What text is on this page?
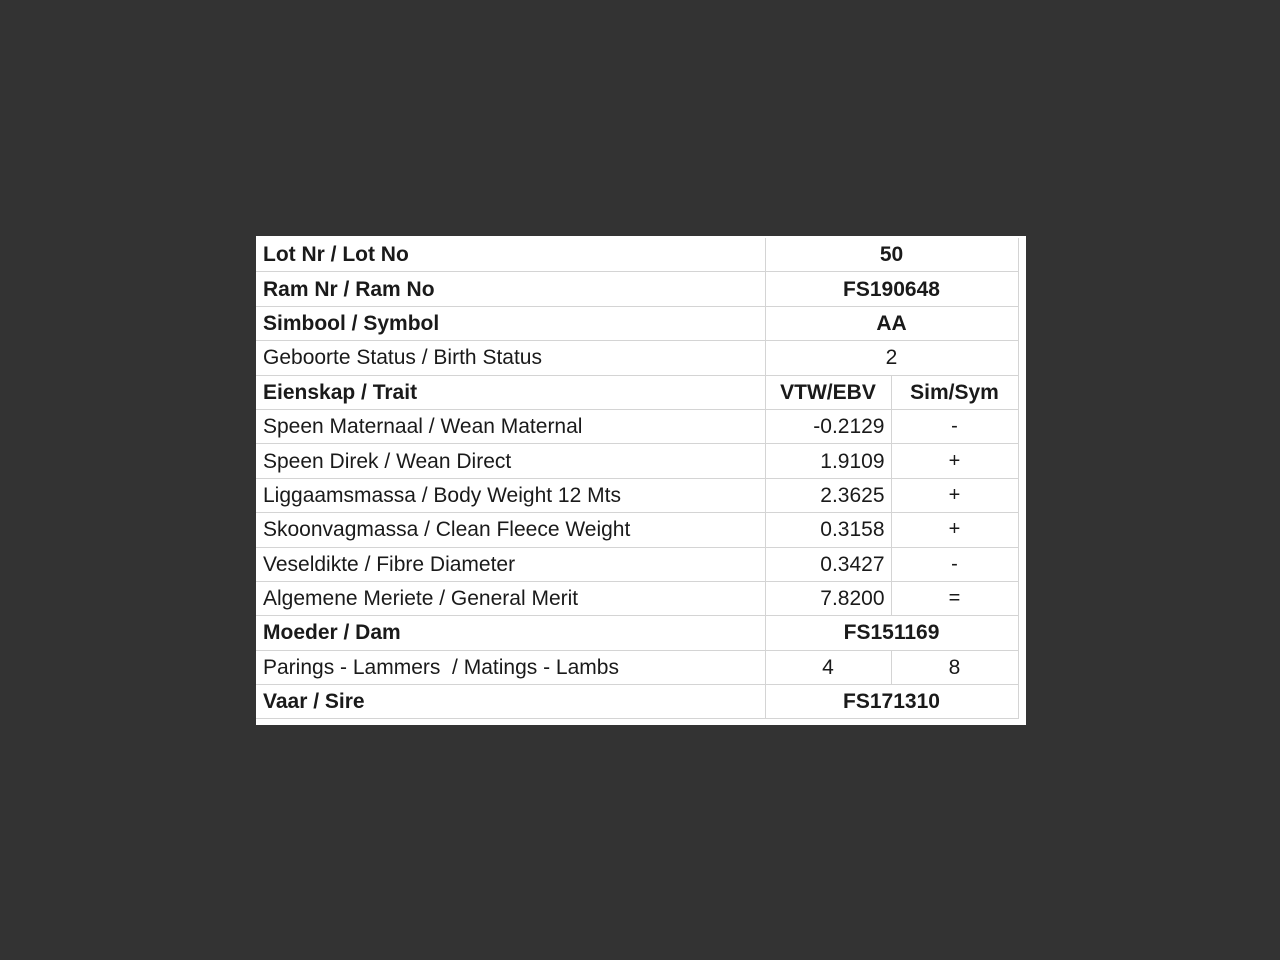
Lot Nr / Lot No	50	
Ram Nr / Ram No	FS190648	
Simbool / Symbol	AA	
Geboorte Status / Birth Status	2	
Eienskap / Trait	VTW/EBV	Sim/Sym
Speen Maternaal / Wean Maternal	-0.2129	-
Speen Direk / Wean Direct	1.9109	+
Liggaamsmassa / Body Weight 12 Mts	2.3625	+
Skoonvagmassa / Clean Fleece Weight	0.3158	+
Veseldikte / Fibre Diameter	0.3427	-
Algemene Meriete / General Merit	7.8200	=
Moeder / Dam	FS151169	
Parings - Lammers  / Matings - Lambs	4	8
Vaar / Sire	FS171310	
